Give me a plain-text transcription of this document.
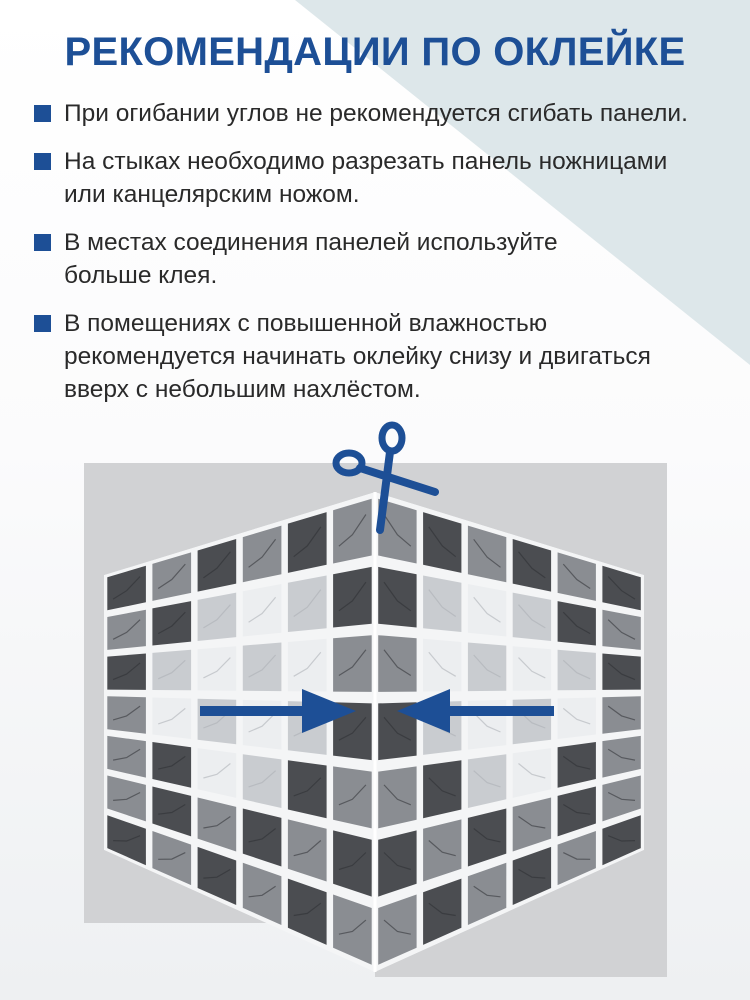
РЕКОМЕНДАЦИИ ПО ОКЛЕЙКЕ
При огибании углов не рекомендуется сгибать панели.
На стыках необходимо разрезать панель ножницами
или канцелярским ножом.
В местах соединения панелей используйте
больше клея.
В помещениях с повышенной влажностью
рекомендуется начинать оклейку снизу и двигаться
вверх с небольшим нахлёстом.
